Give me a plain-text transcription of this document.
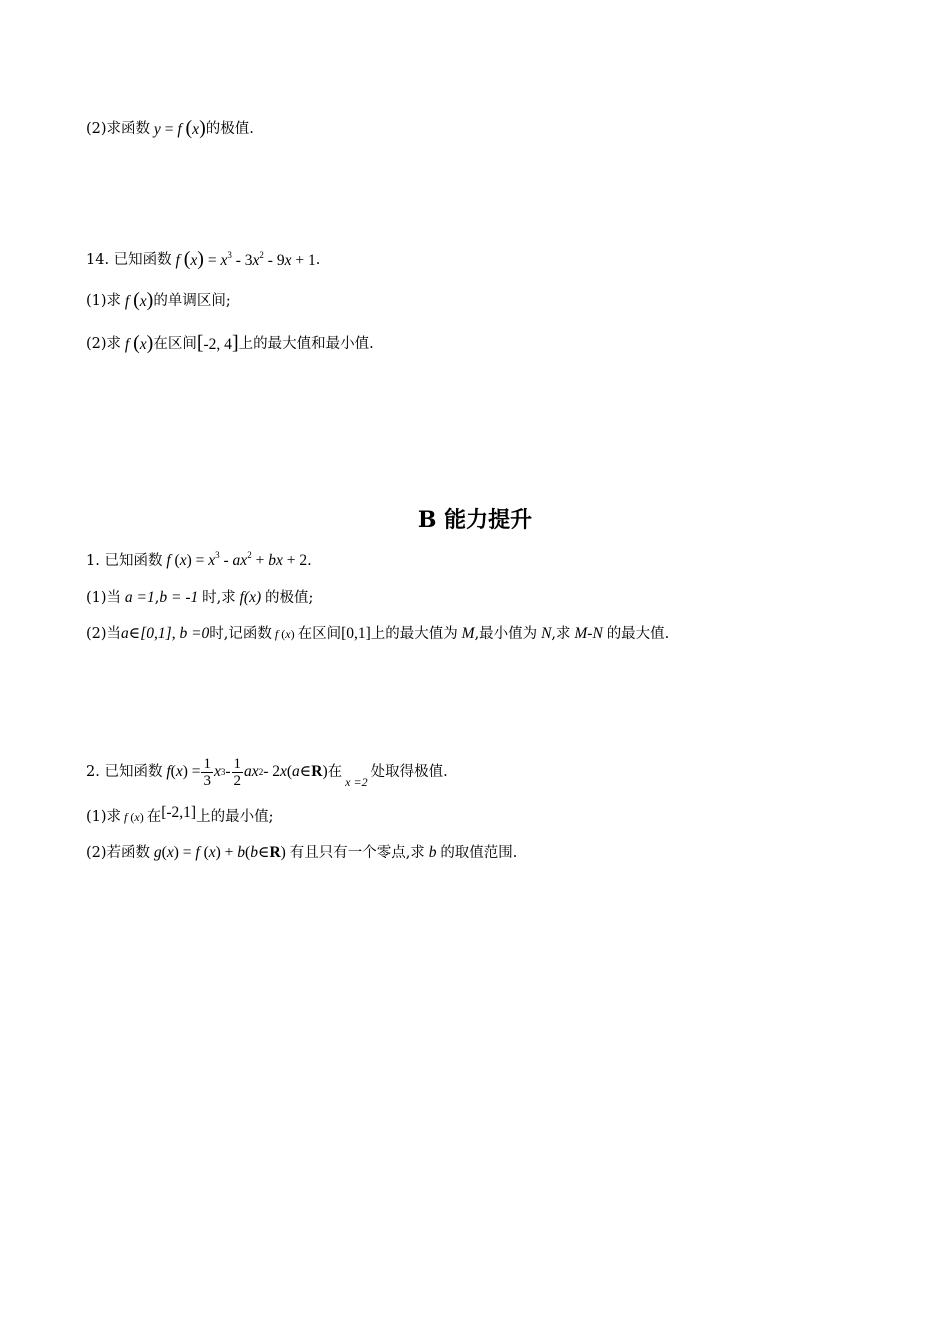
(2) 求函数 y = f (x) 的极值.
14.
已知函数 f $(x) = x^3 - 3x^2 - 9x + 1$ .
(1) 求 f (x) 的单调区间;
(2) 求 f (x) 在区间 [-2, 4] 上的最大值和最小值.
B 能力提升
1.
已知函数 f $(x) = x^3 - ax^2$ + bx + 2 .
(1) 当 a =1 , b = -1 时,求 f(x) 的极值;
(2) 当 a∈[0,1], b =0 时,记函数 f (x) 在区间 [0,1] 上的最大值为 M ,最小值为 N ,求 M-N 的最大值.
2.
已知函数
f ( x ) = $\frac{1}{3}$ x $3 - \frac{1}{2}$ ax 2 - 2 x ( a ∈ R ) 在
x =2
处取得极值.
(1) 求 f (x) 在 [-2,1] 上的最小值;
(2) 若函数 g(x) = f (x) + b(b∈R) 有且只有一个零点,求 b 的取值范围.
